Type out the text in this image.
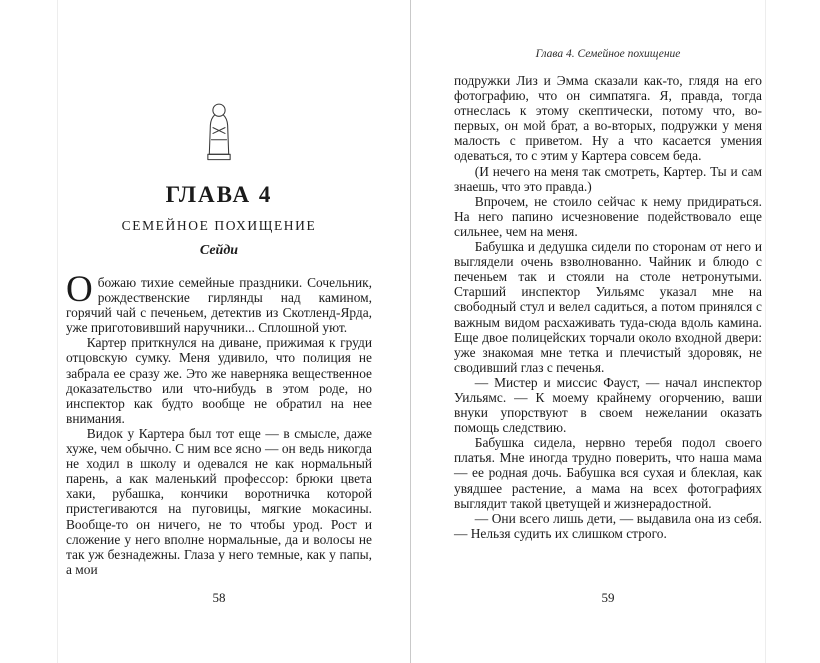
ГЛАВА 4
СЕМЕЙНОЕ ПОХИЩЕНИЕ
Сейди

Обожаю тихие семейные праздники. Сочельник, рождественские гирлянды над камином, горячий чай с печеньем, детектив из Скотленд-Ярда, уже приготовивший наручники... Сплошной уют.

Картер приткнулся на диване, прижимая к груди отцовскую сумку. Меня удивило, что полиция не забрала ее сразу же. Это же наверняка вещественное доказательство или что-нибудь в этом роде, но инспектор как будто вообще не обратил на нее внимания.

Видок у Картера был тот еще — в смысле, даже хуже, чем обычно. С ним все ясно — он ведь никогда не ходил в школу и одевался не как нормальный парень, а как маленький профессор: брюки цвета хаки, рубашка, кончики воротничка которой пристегиваются на пуговицы, мягкие мокасины. Вообще-то он ничего, не то чтобы урод. Рост и сложение у него вполне нормальные, да и волосы не так уж безнадежны. Глаза у него темные, как у папы, а мои

58
Глава 4. Семейное похищение

подружки Лиз и Эмма сказали как-то, глядя на его фотографию, что он симпатяга. Я, правда, тогда отнеслась к этому скептически, потому что, во-первых, он мой брат, а во-вторых, подружки у меня малость с приветом. Ну а что касается умения одеваться, то с этим у Картера совсем беда.

(И нечего на меня так смотреть, Картер. Ты и сам знаешь, что это правда.)

Впрочем, не стоило сейчас к нему придираться. На него папино исчезновение подействовало еще сильнее, чем на меня.

Бабушка и дедушка сидели по сторонам от него и выглядели очень взволнованно. Чайник и блюдо с печеньем так и стояли на столе нетронутыми. Старший инспектор Уильямс указал мне на свободный стул и велел садиться, а потом принялся с важным видом расхаживать туда-сюда вдоль камина. Еще двое полицейских торчали около входной двери: уже знакомая мне тетка и плечистый здоровяк, не сводивший глаз с печенья.

— Мистер и миссис Фауст, — начал инспектор Уильямс. — К моему крайнему огорчению, ваши внуки упорствуют в своем нежелании оказать помощь следствию.

Бабушка сидела, нервно теребя подол своего платья. Мне иногда трудно поверить, что наша мама — ее родная дочь. Бабушка вся сухая и блеклая, как увядшее растение, а мама на всех фотографиях выглядит такой цветущей и жизнерадостной.

— Они всего лишь дети, — выдавила она из себя. — Нельзя судить их слишком строго.

59
